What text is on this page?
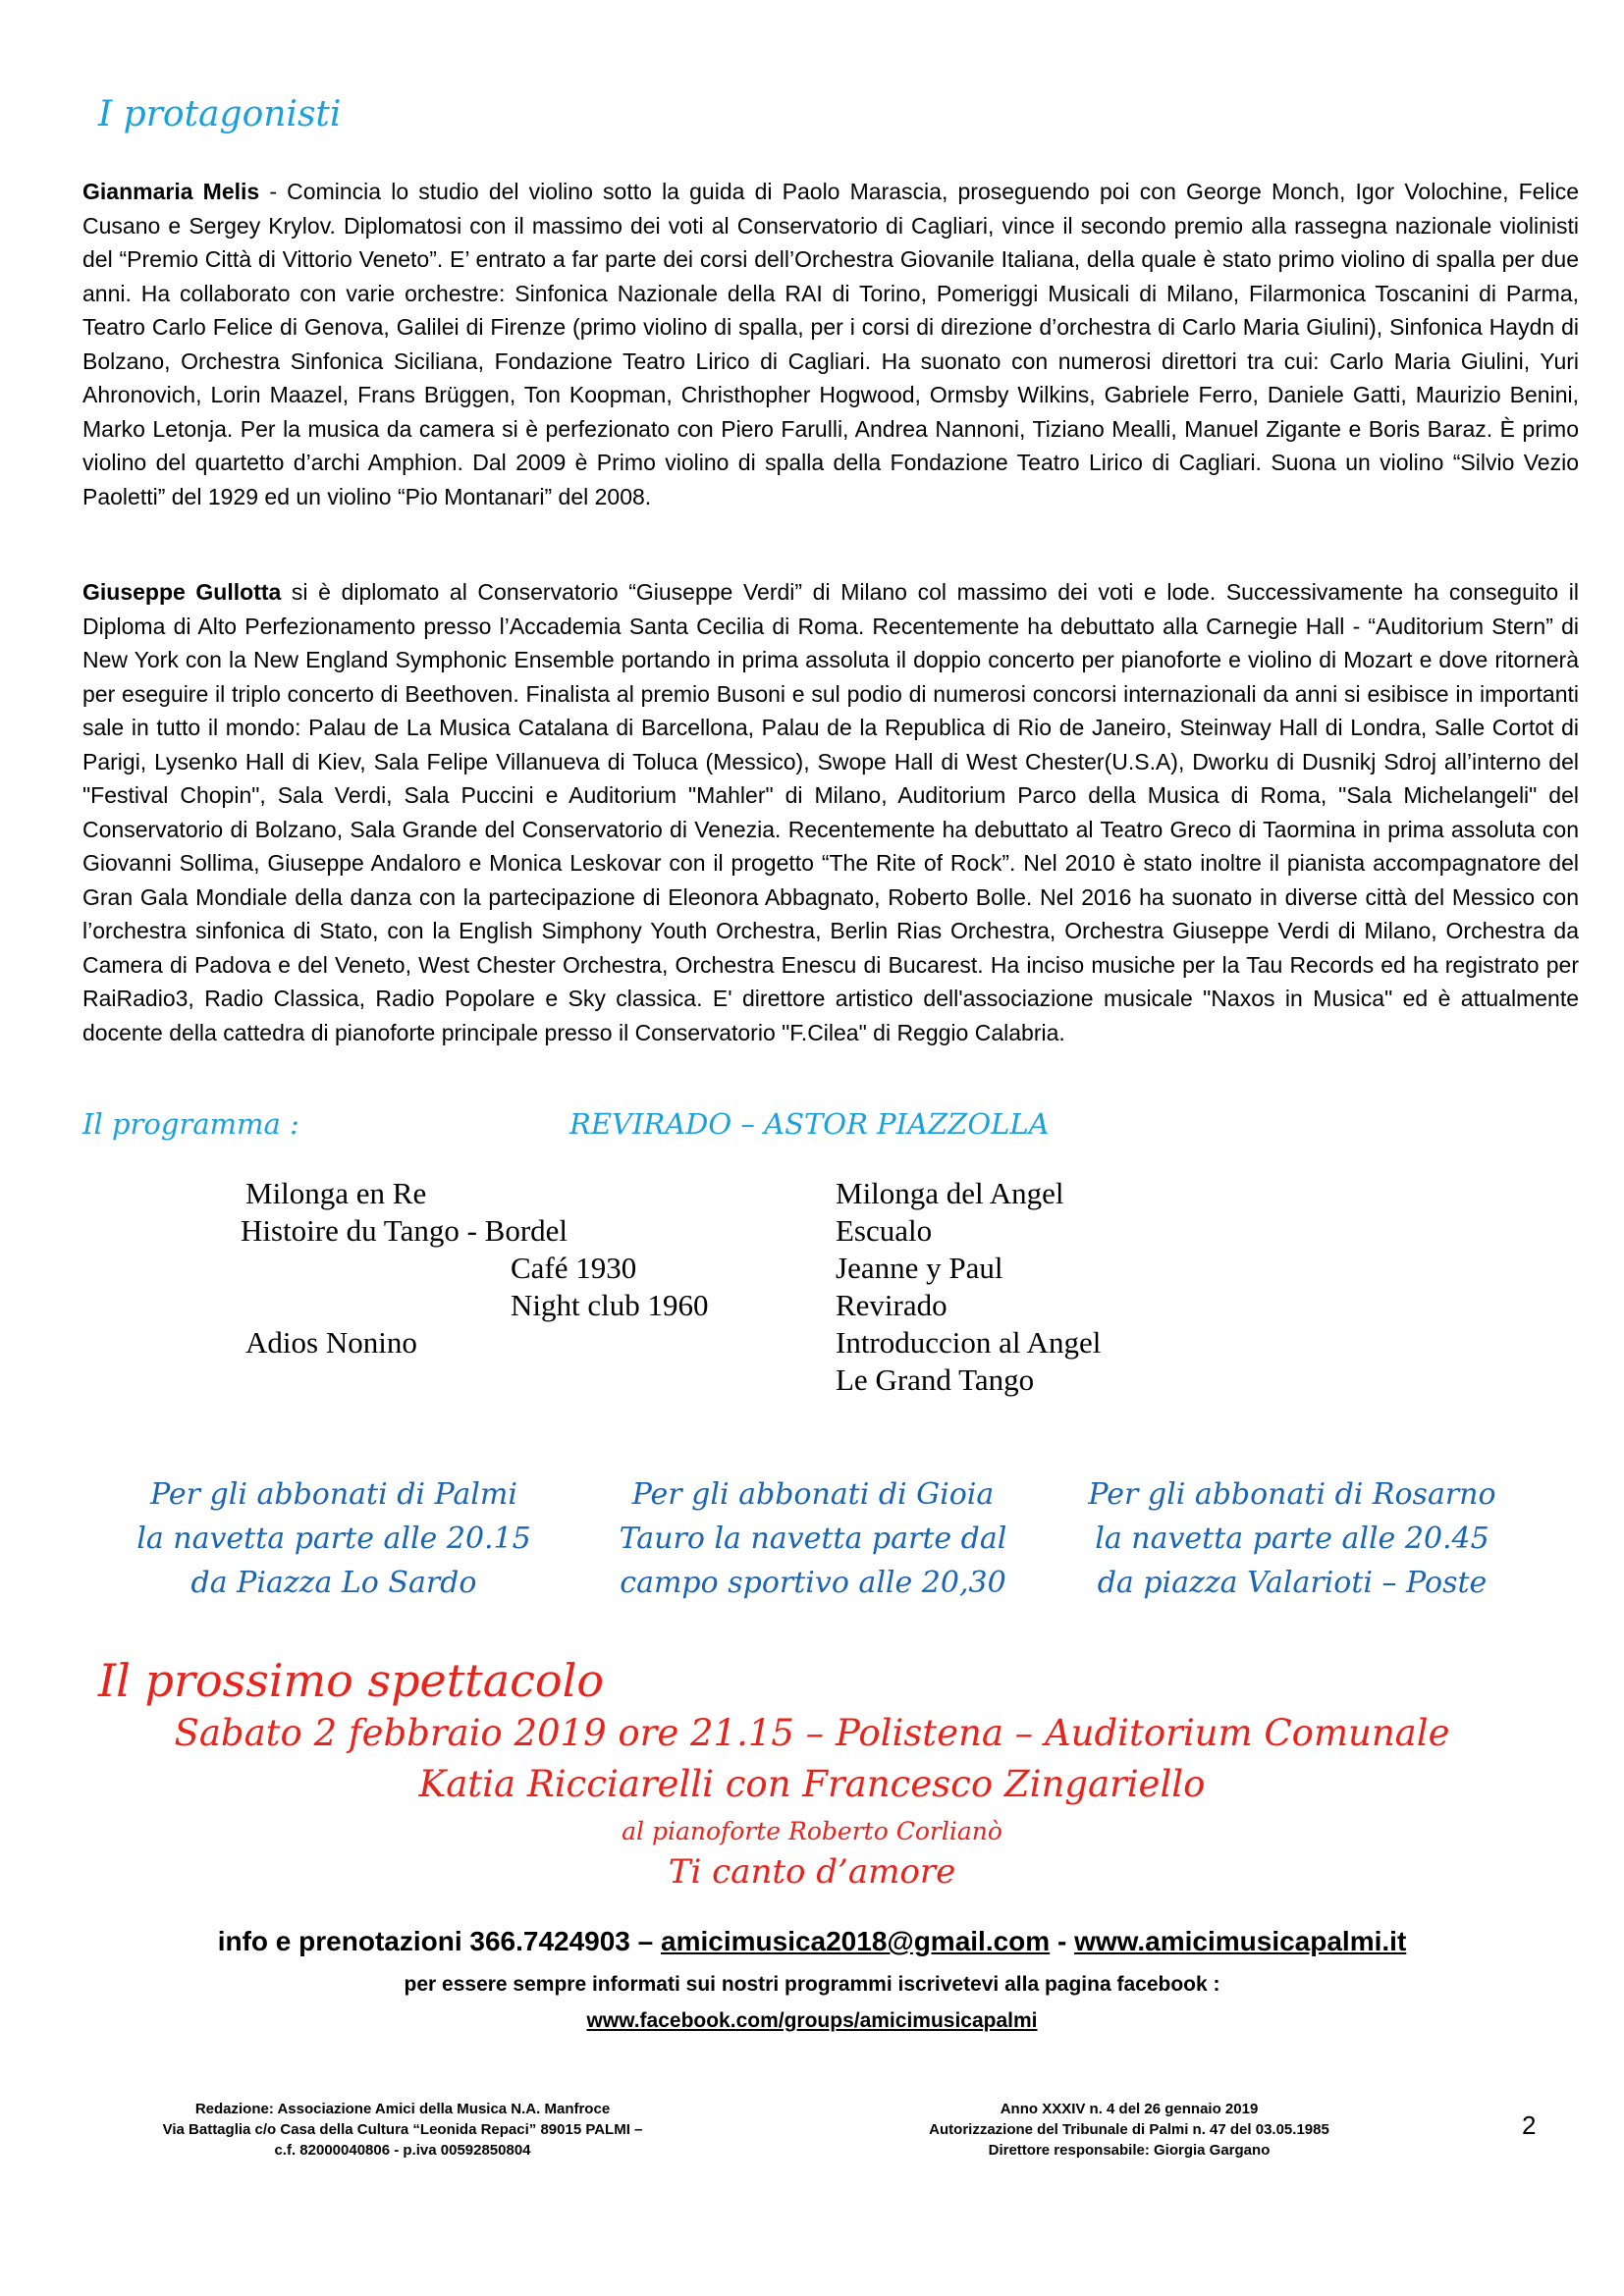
I protagonisti

Gianmaria Melis - Comincia lo studio del violino sotto la guida di Paolo Marascia, proseguendo poi con George Monch, Igor Volochine, Felice Cusano e Sergey Krylov. Diplomatosi con il massimo dei voti al Conservatorio di Cagliari, vince il secondo premio alla rassegna nazionale violinisti del “Premio Città di Vittorio Veneto”. E’ entrato a far parte dei corsi dell’Orchestra Giovanile Italiana, della quale è stato primo violino di spalla per due anni. Ha collaborato con varie orchestre: Sinfonica Nazionale della RAI di Torino, Pomeriggi Musicali di Milano, Filarmonica Toscanini di Parma, Teatro Carlo Felice di Genova, Galilei di Firenze (primo violino di spalla, per i corsi di direzione d’orchestra di Carlo Maria Giulini), Sinfonica Haydn di Bolzano, Orchestra Sinfonica Siciliana, Fondazione Teatro Lirico di Cagliari. Ha suonato con numerosi direttori tra cui: Carlo Maria Giulini, Yuri Ahronovich, Lorin Maazel, Frans Brüggen, Ton Koopman, Christhopher Hogwood, Ormsby Wilkins, Gabriele Ferro, Daniele Gatti, Maurizio Benini, Marko Letonja. Per la musica da camera si è perfezionato con Piero Farulli, Andrea Nannoni, Tiziano Mealli, Manuel Zigante e Boris Baraz. È primo violino del quartetto d’archi Amphion. Dal 2009 è Primo violino di spalla della Fondazione Teatro Lirico di Cagliari. Suona un violino “Silvio Vezio Paoletti” del 1929 ed un violino “Pio Montanari” del 2008.

Giuseppe Gullotta si è diplomato al Conservatorio “Giuseppe Verdi” di Milano col massimo dei voti e lode. Successivamente ha conseguito il Diploma di Alto Perfezionamento presso l’Accademia Santa Cecilia di Roma. Recentemente ha debuttato alla Carnegie Hall - “Auditorium Stern” di New York con la New England Symphonic Ensemble portando in prima assoluta il doppio concerto per pianoforte e violino di Mozart e dove ritornerà per eseguire il triplo concerto di Beethoven. Finalista al premio Busoni e sul podio di numerosi concorsi internazionali da anni si esibisce in importanti sale in tutto il mondo: Palau de La Musica Catalana di Barcellona, Palau de la Republica di Rio de Janeiro, Steinway Hall di Londra, Salle Cortot di Parigi, Lysenko Hall di Kiev, Sala Felipe Villanueva di Toluca (Messico), Swope Hall di West Chester(U.S.A), Dworku di Dusnikj Sdroj all’interno del "Festival Chopin", Sala Verdi, Sala Puccini e Auditorium "Mahler" di Milano, Auditorium Parco della Musica di Roma, "Sala Michelangeli" del Conservatorio di Bolzano, Sala Grande del Conservatorio di Venezia. Recentemente ha debuttato al Teatro Greco di Taormina in prima assoluta con Giovanni Sollima, Giuseppe Andaloro e Monica Leskovar con il progetto “The Rite of Rock”. Nel 2010 è stato inoltre il pianista accompagnatore del Gran Gala Mondiale della danza con la partecipazione di Eleonora Abbagnato, Roberto Bolle. Nel 2016 ha suonato in diverse città del Messico con l’orchestra sinfonica di Stato, con la English Simphony Youth Orchestra, Berlin Rias Orchestra, Orchestra Giuseppe Verdi di Milano, Orchestra da Camera di Padova e del Veneto, West Chester Orchestra, Orchestra Enescu di Bucarest. Ha inciso musiche per la Tau Records ed ha registrato per RaiRadio3, Radio Classica, Radio Popolare e Sky classica. E' direttore artistico dell'associazione musicale "Naxos in Musica" ed è attualmente docente della cattedra di pianoforte principale presso il Conservatorio "F.Cilea" di Reggio Calabria.

Il programma :	REVIRADO – ASTOR PIAZZOLLA
Milonga en Re
Histoire du Tango - Bordel
Café 1930
Night club 1960
Adios Nonino
Milonga del Angel
Escualo
Jeanne y Paul
Revirado
Introduccion al Angel
Le Grand Tango
Per gli abbonati di Palmi
la navetta parte alle 20.15
da Piazza Lo Sardo
Per gli abbonati di Gioia
Tauro la navetta parte dal
campo sportivo alle 20,30
Per gli abbonati di Rosarno
la navetta parte alle 20.45
da piazza Valarioti – Poste
Il prossimo spettacolo
Sabato 2 febbraio 2019 ore 21.15 – Polistena – Auditorium Comunale
Katia Ricciarelli con Francesco Zingariello
al pianoforte Roberto Corlianò
Ti canto d’amore
info e prenotazioni 366.7424903 – amicimusica2018@gmail.com - www.amicimusicapalmi.it
per essere sempre informati sui nostri programmi iscrivetevi alla pagina facebook :
www.facebook.com/groups/amicimusicapalmi
Redazione: Associazione Amici della Musica N.A. Manfroce
Via Battaglia c/o Casa della Cultura “Leonida Repaci” 89015 PALMI –
c.f. 82000040806 - p.iva 00592850804
Anno XXXIV n. 4 del 26 gennaio 2019
Autorizzazione del Tribunale di Palmi n. 47 del 03.05.1985
Direttore responsabile: Giorgia Gargano
2
